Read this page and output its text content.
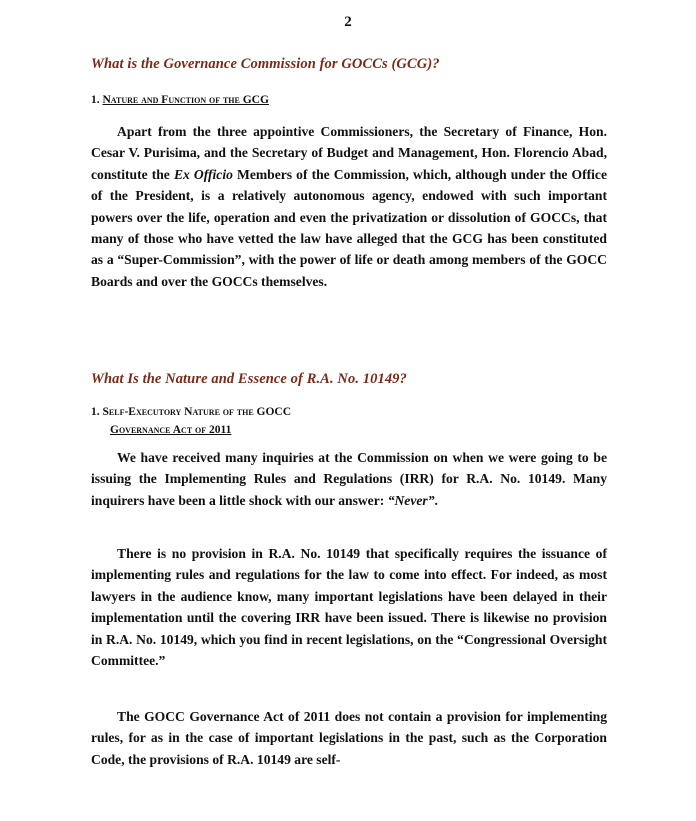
2
What is the Governance Commission for GOCCs (GCG)?
1. Nature and Function of the GCG

Apart from the three appointive Commissioners, the Secretary of Finance, Hon. Cesar V. Purisima, and the Secretary of Budget and Management, Hon. Florencio Abad, constitute the Ex Officio Members of the Commission, which, although under the Office of the President, is a relatively autonomous agency, endowed with such important powers over the life, operation and even the privatization or dissolution of GOCCs, that many of those who have vetted the law have alleged that the GCG has been constituted as a “Super-Commission”, with the power of life or death among members of the GOCC Boards and over the GOCCs themselves.

What Is the Nature and Essence of R.A. No. 10149?
1. Self-Executory Nature of the GOCC
Governance Act of 2011

We have received many inquiries at the Commission on when we were going to be issuing the Implementing Rules and Regulations (IRR) for R.A. No. 10149. Many inquirers have been a little shock with our answer: “Never”.

There is no provision in R.A. No. 10149 that specifically requires the issuance of implementing rules and regulations for the law to come into effect. For indeed, as most lawyers in the audience know, many important legislations have been delayed in their implementation until the covering IRR have been issued. There is likewise no provision in R.A. No. 10149, which you find in recent legislations, on the “Congressional Oversight Committee.”

The GOCC Governance Act of 2011 does not contain a provision for implementing rules, for as in the case of important legislations in the past, such as the Corporation Code, the provisions of R.A. 10149 are self-
